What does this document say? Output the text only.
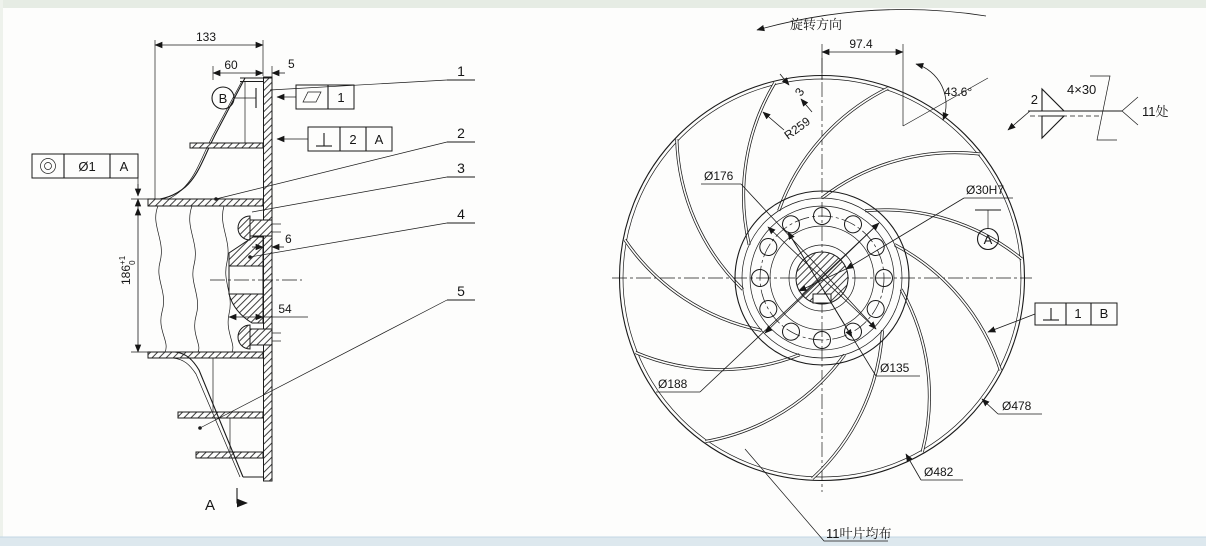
133
60	5
$186^{+1}0$
6
54
B
Ø1 A
1
2 A
1
2
3
4
5
A
旋转方向
97.4
43.6°
3
R259
Ø176
Ø30H7
A
Ø188
Ø135
Ø478
Ø482
1 B
2
4×30
11处
11叶片均布
